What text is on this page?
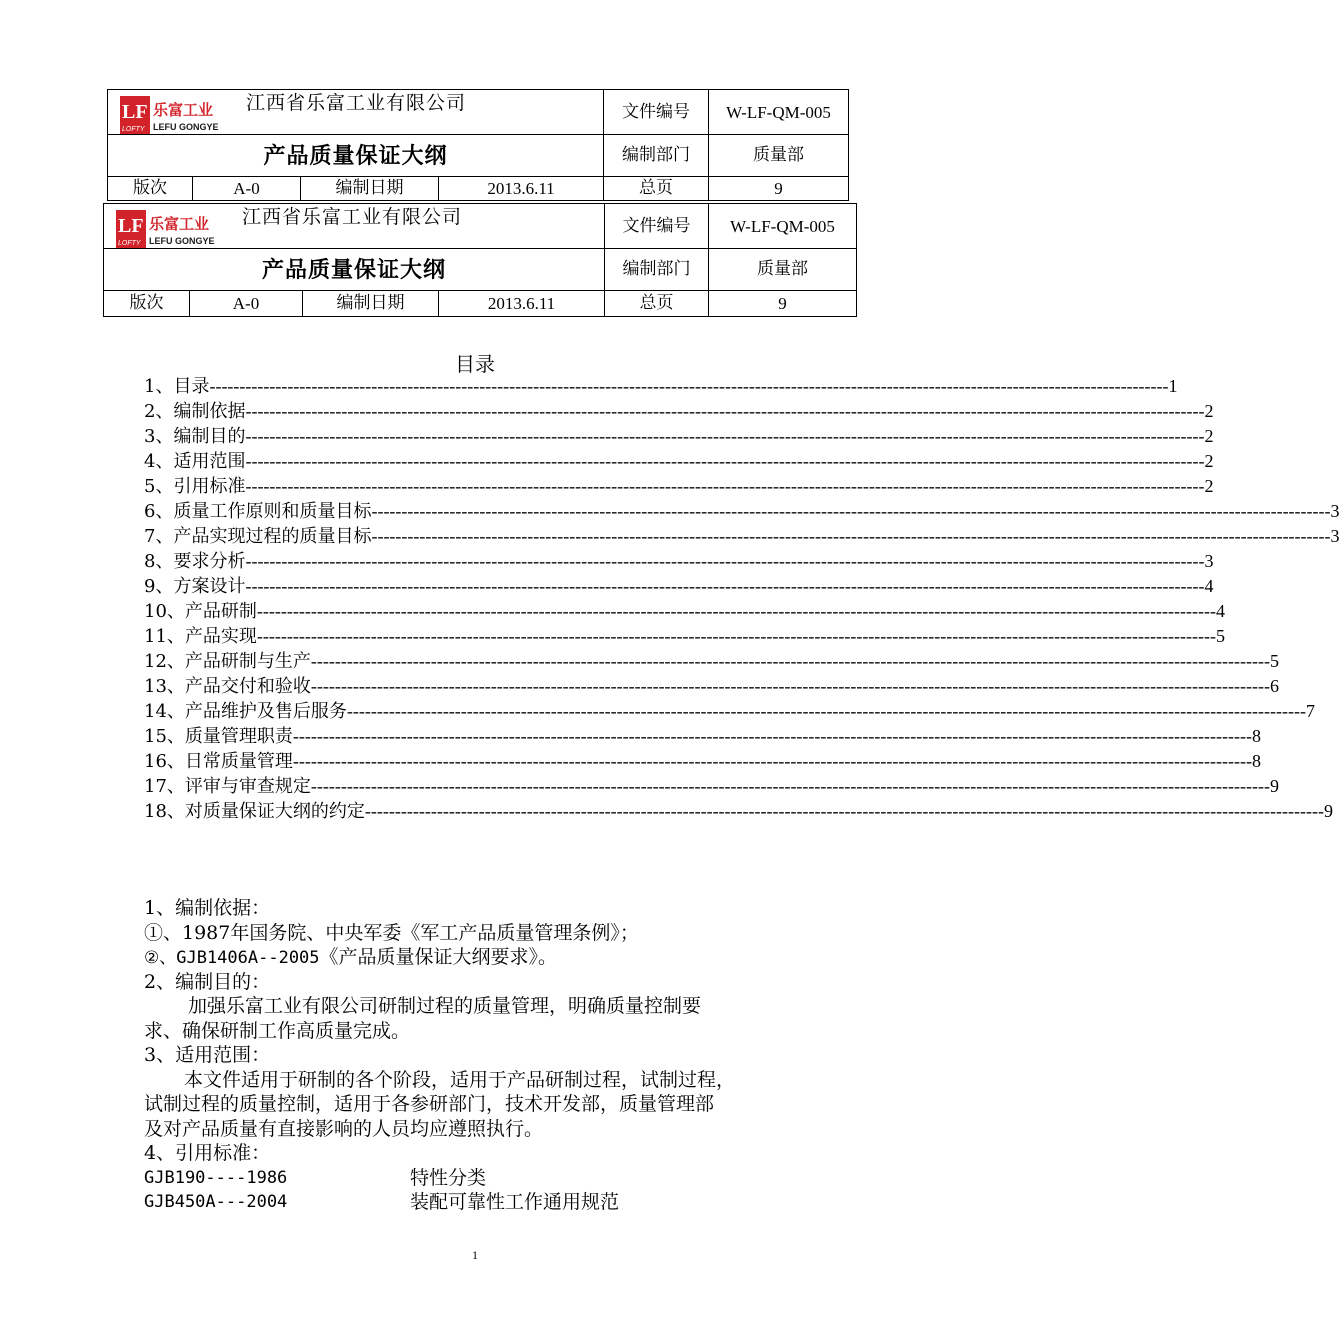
LF
LOFTY
乐富工业
LEFU GONGYE
江西省乐富工业有限公司				文件编号	W-LF-QM-005
产品质量保证大纲				编制部门	质量部
版次	A-0	编制日期	2013.6.11	总页	9
LF
LOFTY
乐富工业
LEFU GONGYE
江西省乐富工业有限公司				文件编号	W-LF-QM-005
产品质量保证大纲				编制部门	质量部
版次	A-0	编制日期	2013.6.11	总页	9
目录
1、目录 ---------------------------------------------------------------------------------------------------------------------------------------------------------------- 1
2、编制依据 ---------------------------------------------------------------------------------------------------------------------------------------------------------------- 2
3、编制目的 ---------------------------------------------------------------------------------------------------------------------------------------------------------------- 2
4、适用范围 ---------------------------------------------------------------------------------------------------------------------------------------------------------------- 2
5、引用标准 ---------------------------------------------------------------------------------------------------------------------------------------------------------------- 2
6、质量工作原则和质量目标 ---------------------------------------------------------------------------------------------------------------------------------------------------------------- 3
7、产品实现过程的质量目标 ---------------------------------------------------------------------------------------------------------------------------------------------------------------- 3
8、要求分析 ---------------------------------------------------------------------------------------------------------------------------------------------------------------- 3
9、方案设计 ---------------------------------------------------------------------------------------------------------------------------------------------------------------- 4
10、产品研制 ---------------------------------------------------------------------------------------------------------------------------------------------------------------- 4
11、产品实现 ---------------------------------------------------------------------------------------------------------------------------------------------------------------- 5
12、产品研制与生产 ---------------------------------------------------------------------------------------------------------------------------------------------------------------- 5
13、产品交付和验收 ---------------------------------------------------------------------------------------------------------------------------------------------------------------- 6
14、产品维护及售后服务 ---------------------------------------------------------------------------------------------------------------------------------------------------------------- 7
15、质量管理职责 ---------------------------------------------------------------------------------------------------------------------------------------------------------------- 8
16、日常质量管理 ---------------------------------------------------------------------------------------------------------------------------------------------------------------- 8
17、评审与审查规定 ---------------------------------------------------------------------------------------------------------------------------------------------------------------- 9
18、对质量保证大纲的约定 ---------------------------------------------------------------------------------------------------------------------------------------------------------------- 9

1、编制依据：

①、1987年国务院、中央军委《军工产品质量管理条例》；

②、GJB1406A--2005《产品质量保证大纲要求》。

2、编制目的：

加强乐富工业有限公司研制过程的质量管理，明确质量控制要

求、确保研制工作高质量完成。

3、适用范围：

本文件适用于研制的各个阶段，适用于产品研制过程，试制过程，

试制过程的质量控制，适用于各参研部门，技术开发部，质量管理部

及对产品质量有直接影响的人员均应遵照执行。

4、引用标准：

GJB190----1986	特性分类

GJB450A---2004	装配可靠性工作通用规范

1
